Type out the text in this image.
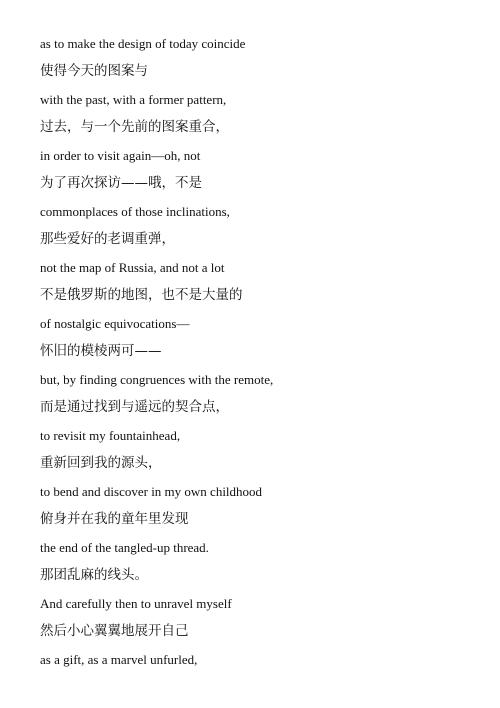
as to make the design of today coincide
使得今天的图案与
with the past, with a former pattern,
过去，与一个先前的图案重合，
in order to visit again—oh, not
为了再次探访——哦，不是
commonplaces of those inclinations,
那些爱好的老调重弹，
not the map of Russia, and not a lot
不是俄罗斯的地图，也不是大量的
of nostalgic equivocations—
怀旧的模棱两可——
but, by finding congruences with the remote,
而是通过找到与遥远的契合点，
to revisit my fountainhead,
重新回到我的源头，
to bend and discover in my own childhood
俯身并在我的童年里发现
the end of the tangled-up thread.
那团乱麻的线头。
And carefully then to unravel myself
然后小心翼翼地展开自己
as a gift, as a marvel unfurled,
